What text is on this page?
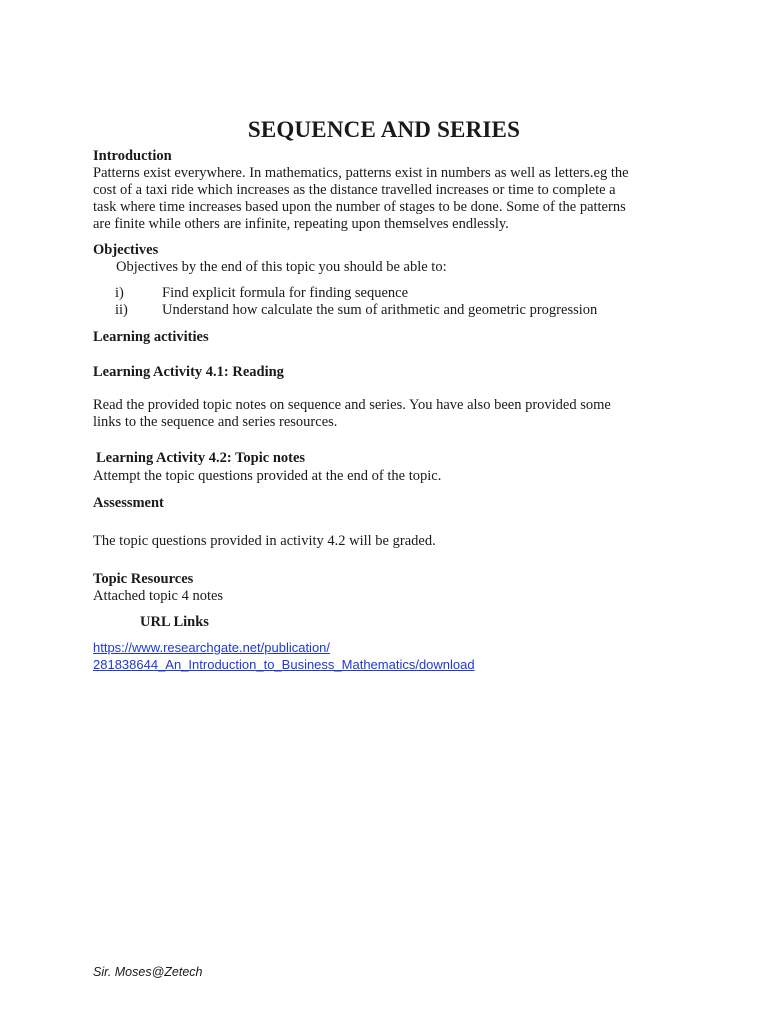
SEQUENCE AND SERIES
Introduction
Patterns exist everywhere. In mathematics, patterns exist in numbers as well as letters.eg the
cost of a taxi ride which increases as the distance travelled increases or time to complete a
task where time increases based upon the number of stages to be done. Some of the patterns
are finite while others are infinite, repeating upon themselves endlessly.
Objectives
Objectives by the end of this topic you should be able to:
i)	Find explicit formula for finding sequence
ii) Understand how calculate the sum of arithmetic and geometric progression
Learning activities
Learning Activity 4.1: Reading
Read the provided topic notes on sequence and series. You have also been provided some
links to the sequence and series resources.
Learning Activity 4.2: Topic notes
Attempt the topic questions provided at the end of the topic.
Assessment
The topic questions provided in activity 4.2 will be graded.
Topic Resources
Attached topic 4 notes
URL Links
https://www.researchgate.net/publication/
281838644_An_Introduction_to_Business_Mathematics/download
Sir. Moses@Zetech
